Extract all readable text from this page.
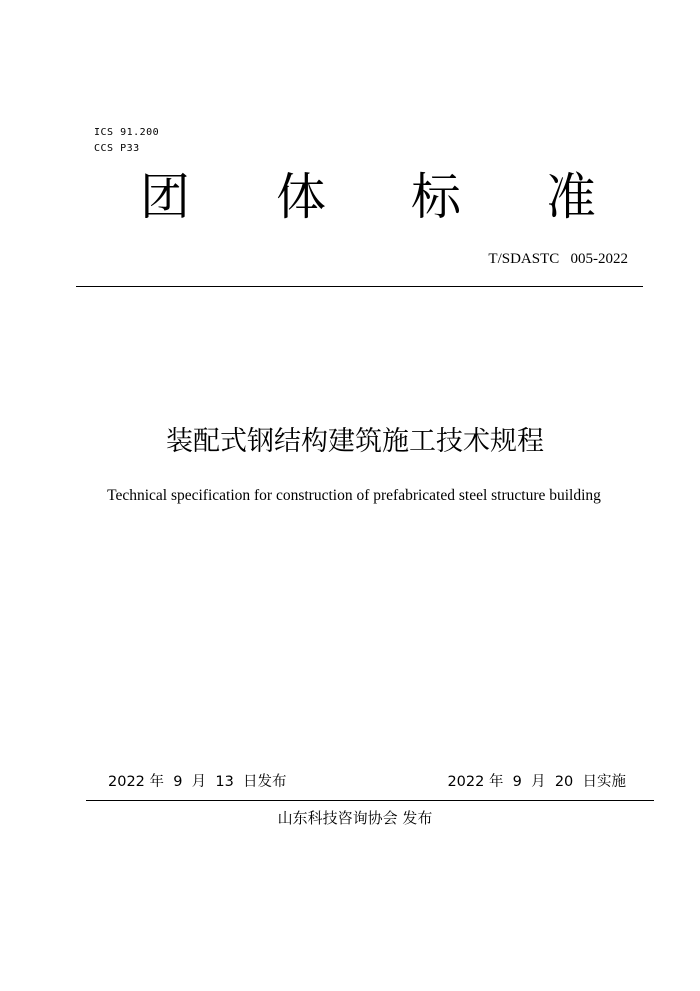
ICS 91.200
CCS P33
团 体 标 准
T/SDASTC   005-2022
装配式钢结构建筑施工技术规程
Technical specification for construction of prefabricated steel structure building
2022 年  9  月  13  日发布	2022 年  9  月  20  日实施
山东科技咨询协会 发布
